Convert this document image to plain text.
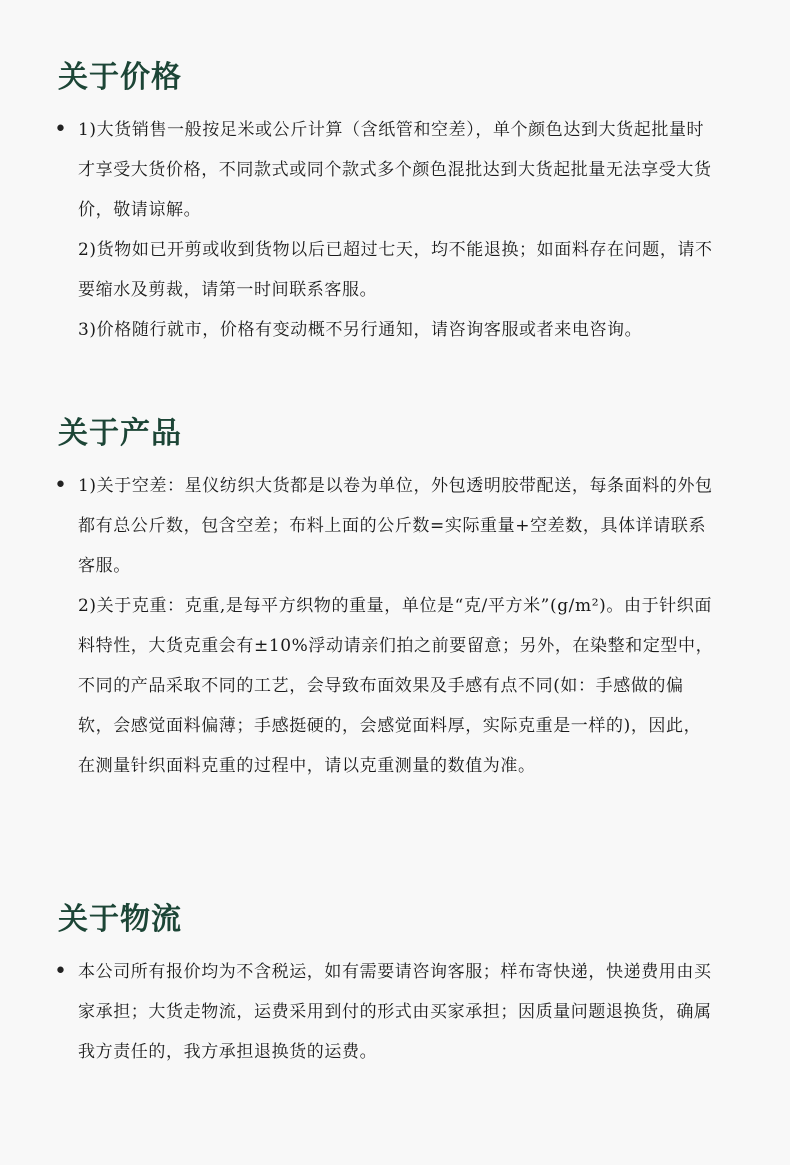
关于价格
• 1)大货销售一般按足米或公斤计算（含纸管和空差），单个颜色达到大货起批量时才享受大货价格，不同款式或同个款式多个颜色混批达到大货起批量无法享受大货价，敬请谅解。
2)货物如已开剪或收到货物以后已超过七天，均不能退换；如面料存在问题，请不要缩水及剪裁，请第一时间联系客服。
3)价格随行就市，价格有变动概不另行通知，请咨询客服或者来电咨询。
关于产品
• 1)关于空差：星仪纺织大货都是以卷为单位，外包透明胶带配送，每条面料的外包都有总公斤数，包含空差；布料上面的公斤数=实际重量+空差数，具体详请联系客服。
2)关于克重：克重,是每平方织物的重量，单位是“克/平方米”(g/m²)。由于针织面料特性，大货克重会有±10%浮动请亲们拍之前要留意；另外，在染整和定型中，不同的产品采取不同的工艺，会导致布面效果及手感有点不同(如：手感做的偏软，会感觉面料偏薄；手感挺硬的，会感觉面料厚，实际克重是一样的)，因此，在测量针织面料克重的过程中，请以克重测量的数值为准。
关于物流
• 本公司所有报价均为不含税运，如有需要请咨询客服；样布寄快递，快递费用由买家承担；大货走物流，运费采用到付的形式由买家承担；因质量问题退换货，确属我方责任的，我方承担退换货的运费。
